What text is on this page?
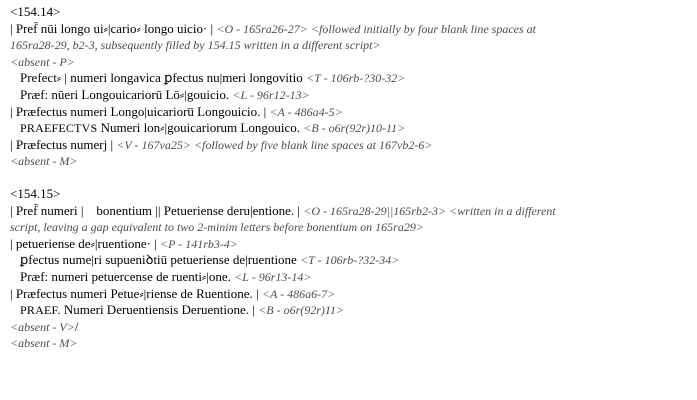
<154.14>
| Pref̄ nūi longo ui⸗|cario⸗ longo uicio· | <O - 165ra26-27> <followed initially by four blank line spaces at
165ra28-29, b2-3, subsequently filled by 154.15 written in a different script>
<absent - P>
Prefect⸗ | numeri longavica ꝑfectus nu|meri longovitio <T - 106rb-?30-32>
Præf: nūeri Longouicariorū Lō⸗|gouicio. <L - 96r12-13>
| Præfectus numeri Longo|uicarioru̅ Longouicio. | <A - 486a4-5>
PRAEFECTVS Numeri lon⸗|gouicariorum Longouico. <B - o6r(92r)10-11>
| Præfectus numerj | <V - 167va25> <followed by five blank line spaces at 167vb2-6>
<absent - M>
<154.15>
| Pref̄ numeri |    bonentium || Petueriense deru|entione. | <O - 165ra28-29||165rb2-3> <written in a different
script, leaving a gap equivalent to two 2-minim letters before bonentium on 165ra29>
| petueriense de⸗|ruentione· | <P - 141rb3-4>
ꝑfectus nume|ri supueniꝺtiū petueriense de|ruentione <T - 106rb-?32-34>
Præf: numeri petuercense de ruenti⸗|one. <L - 96r13-14>
| Præfectus numeri Petue⸗|riense de Ruentione. | <A - 486a6-7>
PRAEF. Numeri Deruentiensis Deruentione. | <B - o6r(92r)11>
<absent - V>/
<absent - M>
